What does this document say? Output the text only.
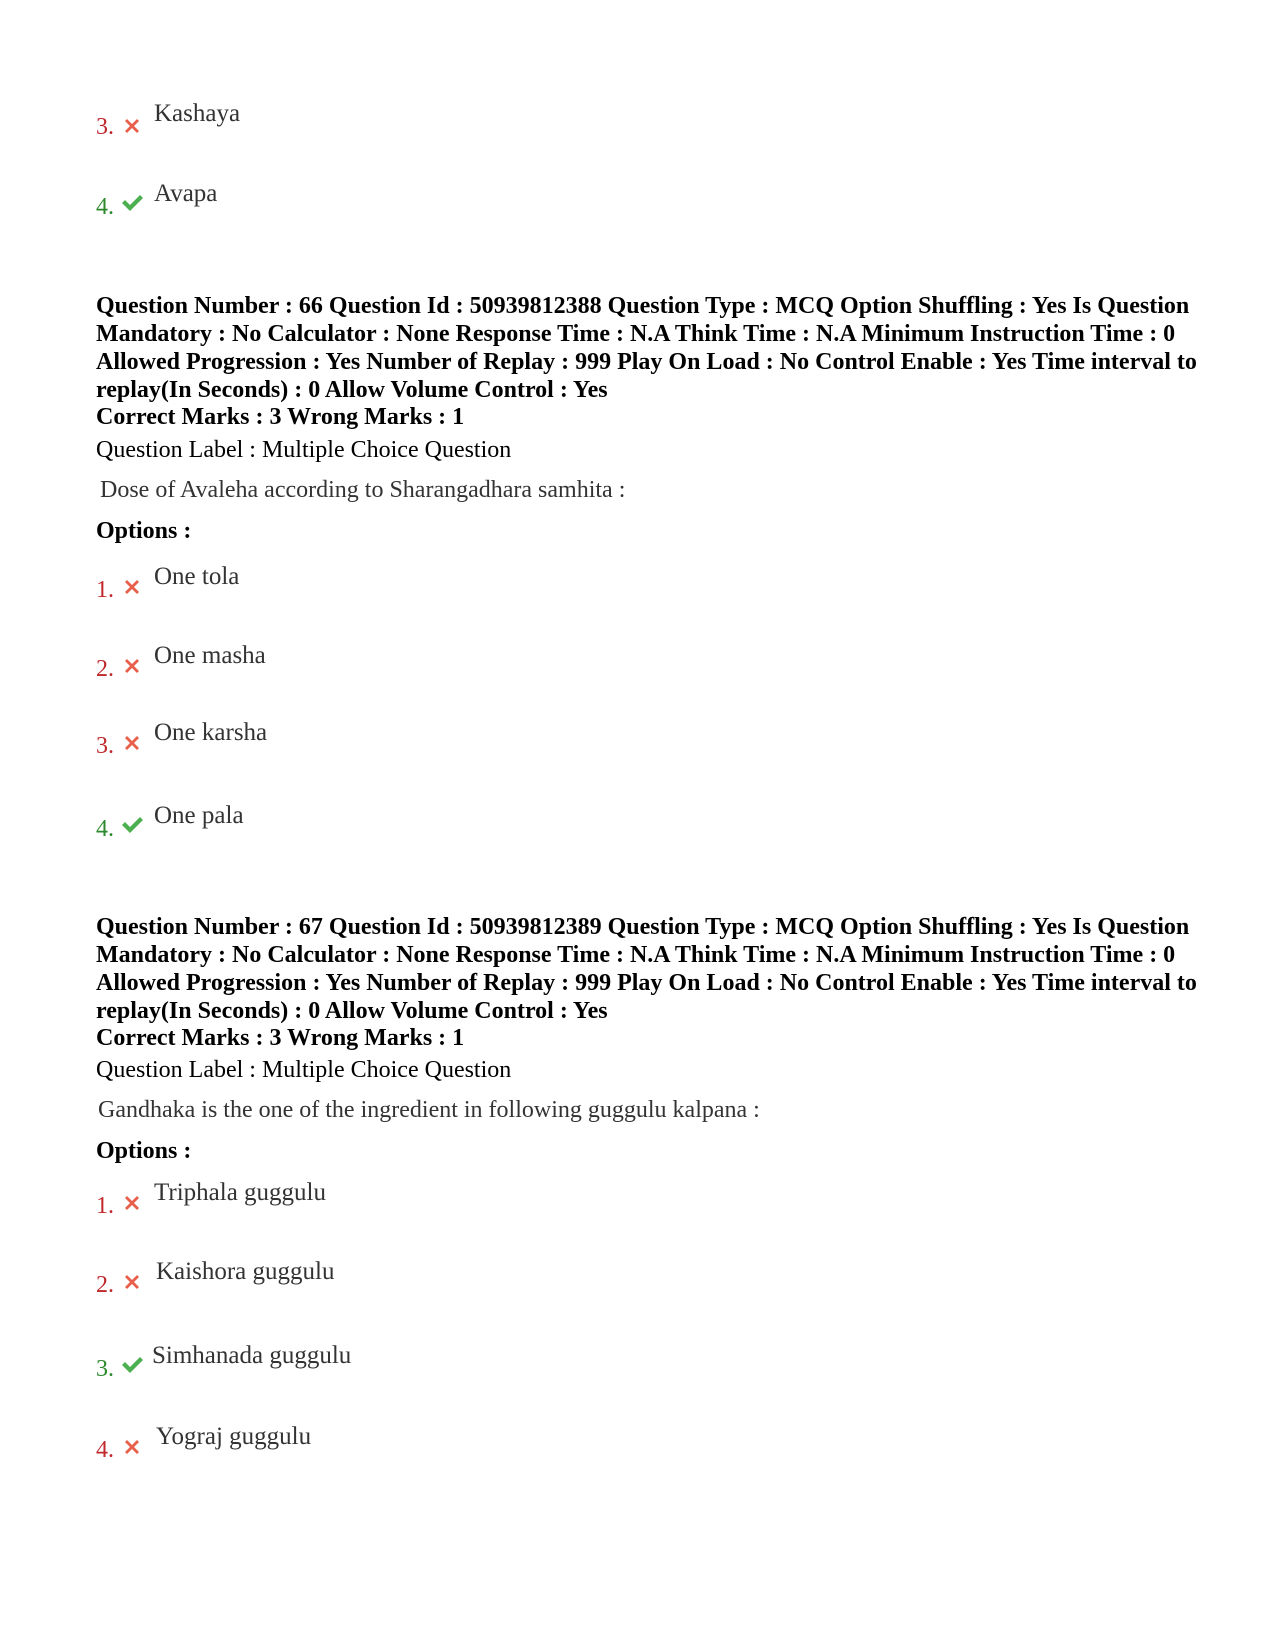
3. Kashaya
4. Avapa
Question Number : 66 Question Id : 50939812388 Question Type : MCQ Option Shuffling : Yes Is Question Mandatory : No Calculator : None Response Time : N.A Think Time : N.A Minimum Instruction Time : 0 Allowed Progression : Yes Number of Replay : 999 Play On Load : No Control Enable : Yes Time interval to replay(In Seconds) : 0 Allow Volume Control : Yes
Correct Marks : 3 Wrong Marks : 1
Question Label : Multiple Choice Question
Dose of Avaleha according to Sharangadhara samhita :
Options :
1. One tola
2. One masha
3. One karsha
4. One pala
Question Number : 67 Question Id : 50939812389 Question Type : MCQ Option Shuffling : Yes Is Question Mandatory : No Calculator : None Response Time : N.A Think Time : N.A Minimum Instruction Time : 0 Allowed Progression : Yes Number of Replay : 999 Play On Load : No Control Enable : Yes Time interval to replay(In Seconds) : 0 Allow Volume Control : Yes
Correct Marks : 3 Wrong Marks : 1
Question Label : Multiple Choice Question
Gandhaka is the one of the ingredient in following guggulu kalpana :
Options :
1. Triphala guggulu
2. Kaishora guggulu
3. Simhanada guggulu
4. Yograj guggulu
